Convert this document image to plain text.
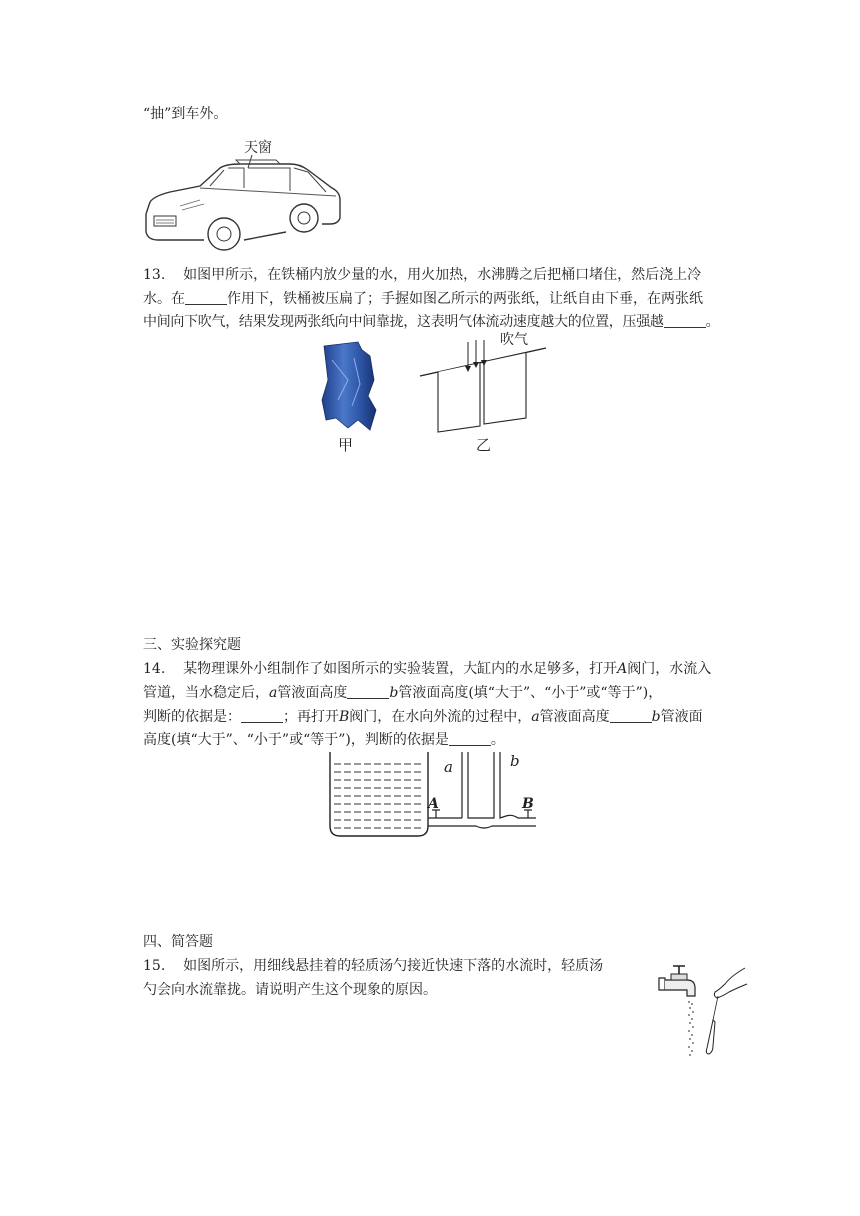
“抽”到车外。
天窗
13. 如图甲所示，在铁桶内放少量的水，用火加热，水沸腾之后把桶口堵住，然后浇上冷
水。在	作用下，铁桶被压扁了；手握如图乙所示的两张纸，让纸自由下垂，在两张纸
中间向下吹气，结果发现两张纸向中间靠拢，这表明气体流动速度越大的位置，压强越	。
甲
吹气
乙
三、实验探究题
14. 某物理课外小组制作了如图所示的实验装置，大缸内的水足够多，打开A阀门，水流入
管道，当水稳定后，a管液面高度	b管液面高度(填“大于”、“小于”或“等于”)，
判断的依据是：	；再打开B阀门，在水向外流的过程中，a管液面高度	b管液面
高度(填“大于”、“小于”或“等于”)，判断的依据是	。
a	b
A	B
四、简答题
15. 如图所示，用细线悬挂着的轻质汤勺接近快速下落的水流时，轻质汤
勺会向水流靠拢。请说明产生这个现象的原因。
